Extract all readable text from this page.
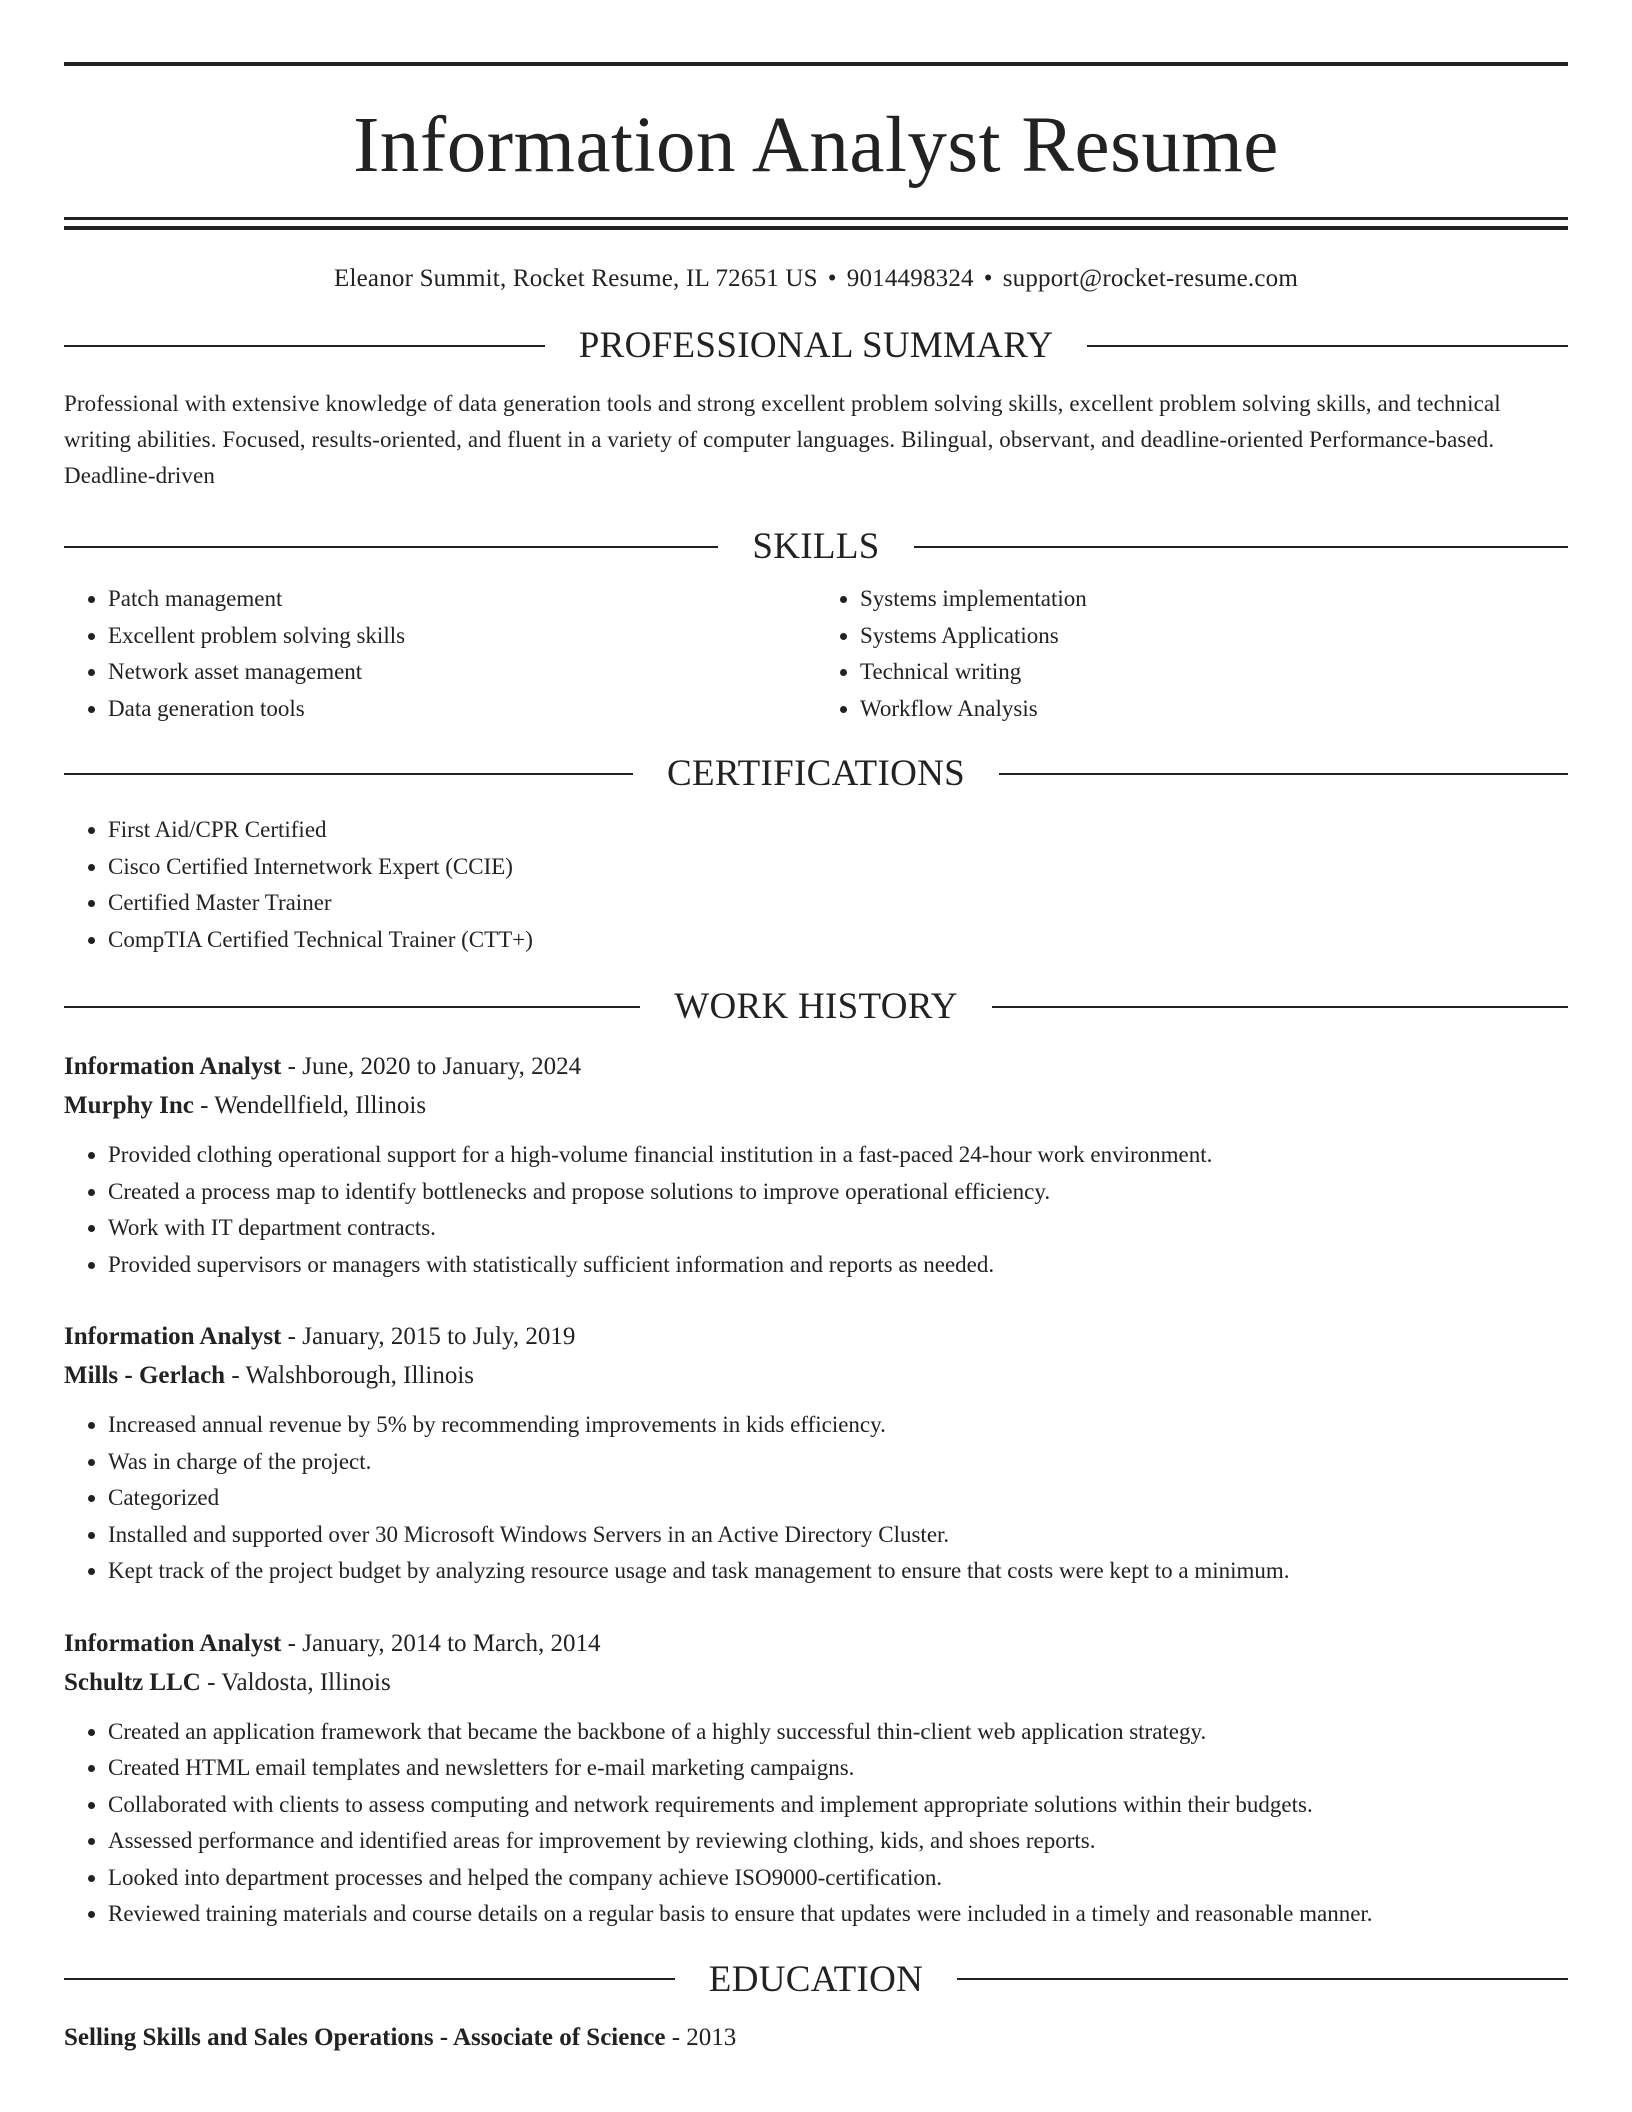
Information Analyst Resume
Eleanor Summit, Rocket Resume, IL 72651 US • 9014498324 • support@rocket-resume.com
PROFESSIONAL SUMMARY

Professional with extensive knowledge of data generation tools and strong excellent problem solving skills, excellent problem solving skills, and technical writing abilities. Focused, results-oriented, and fluent in a variety of computer languages. Bilingual, observant, and deadline-oriented Performance-based. Deadline-driven

SKILLS
• Patch management
• Excellent problem solving skills
• Network asset management
• Data generation tools
• Systems implementation
• Systems Applications
• Technical writing
• Workflow Analysis
CERTIFICATIONS
• First Aid/CPR Certified
• Cisco Certified Internetwork Expert (CCIE)
• Certified Master Trainer
• CompTIA Certified Technical Trainer (CTT+)
WORK HISTORY
Information Analyst - June, 2020 to January, 2024
Murphy Inc - Wendellfield, Illinois
• Provided clothing operational support for a high-volume financial institution in a fast-paced 24-hour work environment.
• Created a process map to identify bottlenecks and propose solutions to improve operational efficiency.
• Work with IT department contracts.
• Provided supervisors or managers with statistically sufficient information and reports as needed.
Information Analyst - January, 2015 to July, 2019
Mills - Gerlach - Walshborough, Illinois
• Increased annual revenue by 5% by recommending improvements in kids efficiency.
• Was in charge of the project.
• Categorized
• Installed and supported over 30 Microsoft Windows Servers in an Active Directory Cluster.
• Kept track of the project budget by analyzing resource usage and task management to ensure that costs were kept to a minimum.
Information Analyst - January, 2014 to March, 2014
Schultz LLC - Valdosta, Illinois
• Created an application framework that became the backbone of a highly successful thin-client web application strategy.
• Created HTML email templates and newsletters for e-mail marketing campaigns.
• Collaborated with clients to assess computing and network requirements and implement appropriate solutions within their budgets.
• Assessed performance and identified areas for improvement by reviewing clothing, kids, and shoes reports.
• Looked into department processes and helped the company achieve ISO9000-certification.
• Reviewed training materials and course details on a regular basis to ensure that updates were included in a timely and reasonable manner.
EDUCATION
Selling Skills and Sales Operations - Associate of Science - 2013
